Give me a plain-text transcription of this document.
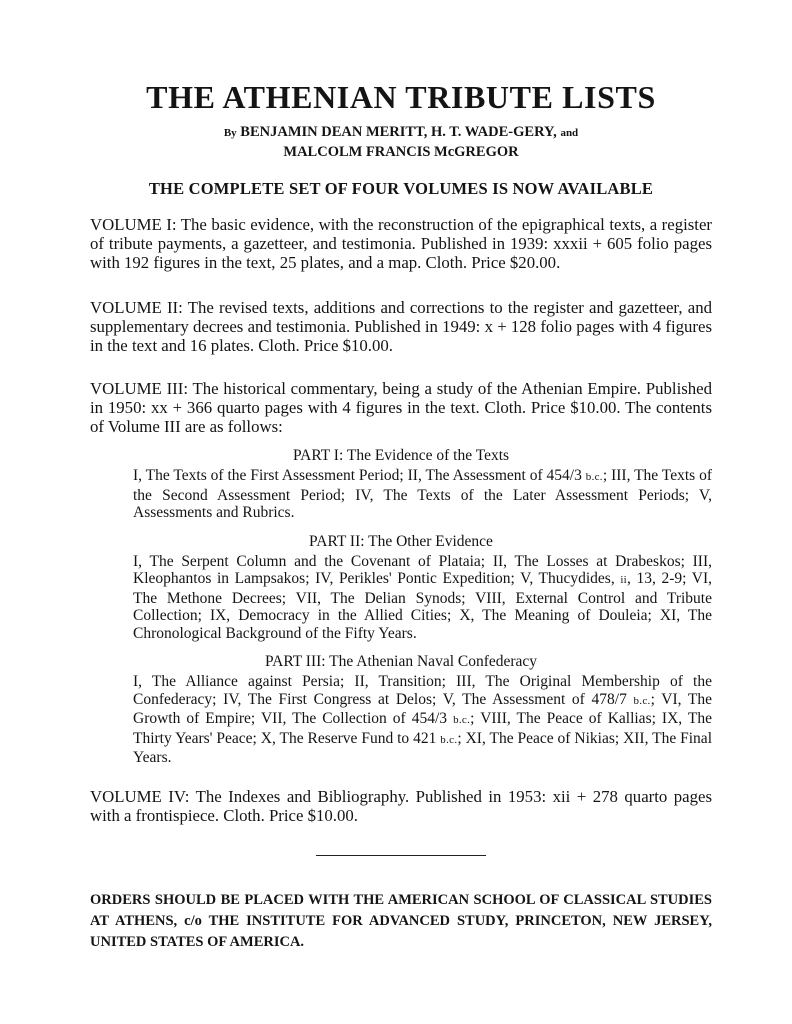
THE ATHENIAN TRIBUTE LISTS
By BENJAMIN DEAN MERITT, H. T. WADE-GERY, and
MALCOLM FRANCIS McGREGOR
THE COMPLETE SET OF FOUR VOLUMES IS NOW AVAILABLE

VOLUME I: The basic evidence, with the reconstruction of the epigraphical texts, a register of tribute payments, a gazetteer, and testimonia. Published in 1939: xxxii + 605 folio pages with 192 figures in the text, 25 plates, and a map. Cloth. Price $20.00.

VOLUME II: The revised texts, additions and corrections to the register and gazetteer, and supplementary decrees and testimonia. Published in 1949: x + 128 folio pages with 4 figures in the text and 16 plates. Cloth. Price $10.00.

VOLUME III: The historical commentary, being a study of the Athenian Empire. Published in 1950: xx + 366 quarto pages with 4 figures in the text. Cloth. Price $10.00. The contents of Volume III are as follows:

PART I: The Evidence of the Texts
I, The Texts of the First Assessment Period; II, The Assessment of 454/3 b.c.; III, The Texts of the Second Assessment Period; IV, The Texts of the Later Assessment Periods; V, Assessments and Rubrics.
PART II: The Other Evidence
I, The Serpent Column and the Covenant of Plataia; II, The Losses at Drabeskos; III, Kleophantos in Lampsakos; IV, Perikles' Pontic Expedition; V, Thucydides, ii, 13, 2-9; VI, The Methone Decrees; VII, The Delian Synods; VIII, External Control and Tribute Collection; IX, Democracy in the Allied Cities; X, The Meaning of Douleia; XI, The Chronological Background of the Fifty Years.
PART III: The Athenian Naval Confederacy
I, The Alliance against Persia; II, Transition; III, The Original Membership of the Confederacy; IV, The First Congress at Delos; V, The Assessment of 478/7 b.c.; VI, The Growth of Empire; VII, The Collection of 454/3 b.c.; VIII, The Peace of Kallias; IX, The Thirty Years' Peace; X, The Reserve Fund to 421 b.c.; XI, The Peace of Nikias; XII, The Final Years.

VOLUME IV: The Indexes and Bibliography. Published in 1953: xii + 278 quarto pages with a frontispiece. Cloth. Price $10.00.

ORDERS SHOULD BE PLACED WITH THE AMERICAN SCHOOL OF CLASSICAL STUDIES AT ATHENS, c/o THE INSTITUTE FOR ADVANCED STUDY, PRINCETON, NEW JERSEY, UNITED STATES OF AMERICA.
